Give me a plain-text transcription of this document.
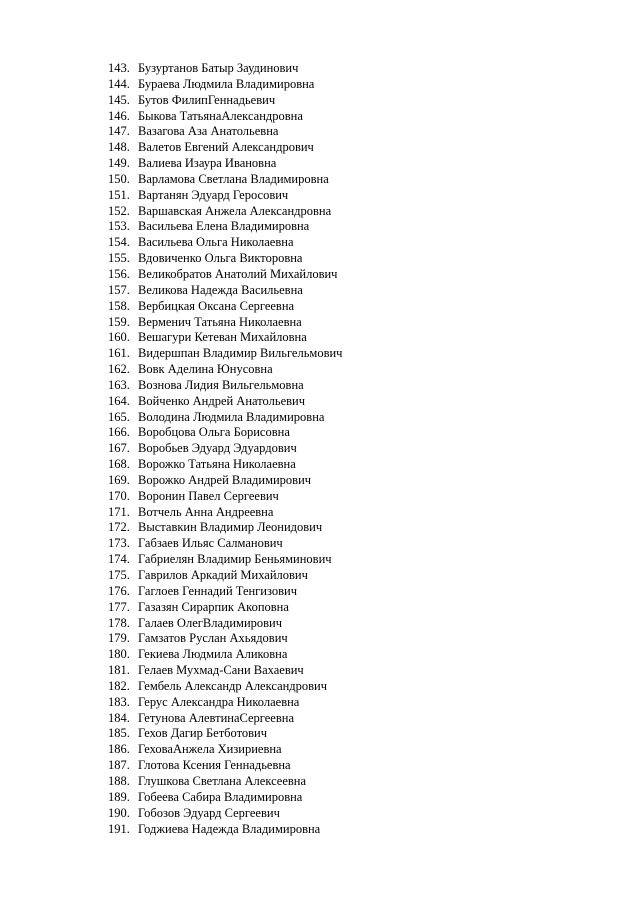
143. Бузуртанов Батыр Заудинович
144. Бураева Людмила Владимировна
145. Бутов ФилипГеннадьевич
146. Быкова ТатьянаАлександровна
147. Вазагова Аза Анатольевна
148. Валетов Евгений Александрович
149. Валиева Изаура Ивановна
150. Варламова Светлана Владимировна
151. Вартанян Эдуард Геросович
152. Варшавская Анжела Александровна
153. Васильева Елена Владимировна
154. Васильева Ольга Николаевна
155. Вдовиченко Ольга Викторовна
156. Великобратов Анатолий Михайлович
157. Великова Надежда Васильевна
158. Вербицкая Оксана Сергеевна
159. Верменич Татьяна Николаевна
160. Вешагури Кетеван Михайловна
161. Видершпан Владимир Вильгельмович
162. Вовк Аделина Юнусовна
163. Вознова Лидия Вильгельмовна
164. Войченко Андрей Анатольевич
165. Володина Людмила Владимировна
166. Воробцова Ольга Борисовна
167. Воробьев Эдуард Эдуардович
168. Ворожко Татьяна Николаевна
169. Ворожко Андрей Владимирович
170. Воронин Павел Сергеевич
171. Вотчель Анна Андреевна
172. Выставкин Владимир Леонидович
173. Габзаев Ильяс Салманович
174. Габриелян Владимир Беньяминович
175. Гаврилов Аркадий Михайлович
176. Гаглоев Геннадий Тенгизович
177. Газазян Сирарпик Акоповна
178. Галаев ОлегВладимирович
179. Гамзатов Руслан Ахьядович
180. Гекиева Людмила Аликовна
181. Гелаев Мухмад-Сани Вахаевич
182. Гембель Александр Александрович
183. Герус Александра Николаевна
184. Гетунова АлевтинаСергеевна
185. Гехов Дагир Бетботович
186. ГеховаАнжела Хизириевна
187. Глотова Ксения Геннадьевна
188. Глушкова Светлана Алексеевна
189. Гобеева Сабира Владимировна
190. Гобозов Эдуард Сергеевич
191. Годжиева Надежда Владимировна
